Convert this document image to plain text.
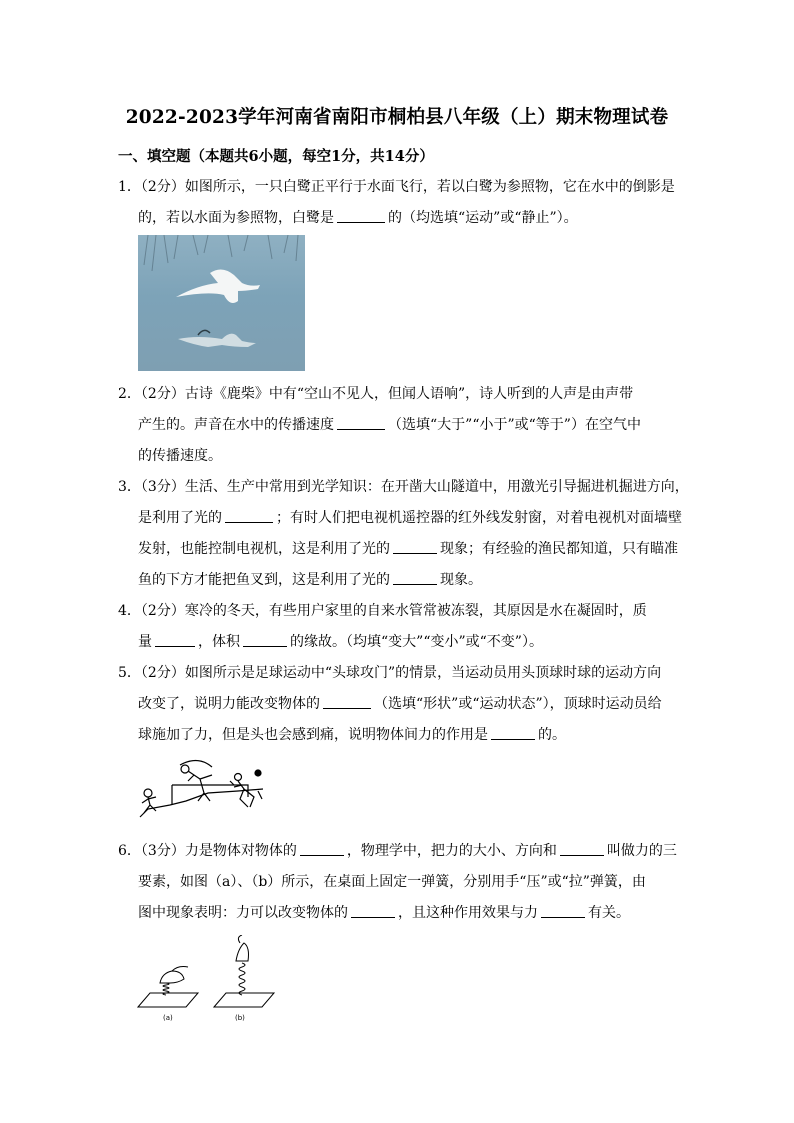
2022-2023学年河南省南阳市桐柏县八年级（上）期末物理试卷
一、填空题（本题共6小题，每空1分，共14分）
1．（2分）如图所示，一只白鹭正平行于水面飞行，若以白鹭为参照物，它在水中的倒影是
的，若以水面为参照物，白鹭是	的（均选填“运动”或“静止”）。
2．（2分）古诗《鹿柴》中有“空山不见人，但闻人语响”，诗人听到的人声是由声带
产生的。声音在水中的传播速度	（选填“大于”“小于”或“等于”）在空气中
的传播速度。
3．（3分）生活、生产中常用到光学知识：在开凿大山隧道中，用激光引导掘进机掘进方向，
是利用了光的	；有时人们把电视机遥控器的红外线发射窗，对着电视机对面墙壁
发射，也能控制电视机，这是利用了光的	现象；有经验的渔民都知道，只有瞄准
鱼的下方才能把鱼叉到，这是利用了光的	现象。
4．（2分）寒冷的冬天，有些用户家里的自来水管常被冻裂，其原因是水在凝固时，质
量	，体积	的缘故。（均填“变大”“变小”或“不变”）。
5．（2分）如图所示是足球运动中“头球攻门”的情景，当运动员用头顶球时球的运动方向
改变了，说明力能改变物体的	（选填“形状”或“运动状态”），顶球时运动员给
球施加了力，但是头也会感到痛，说明物体间力的作用是	的。
6．（3分）力是物体对物体的	，物理学中，把力的大小、方向和	叫做力的三
要素，如图（a）、（b）所示，在桌面上固定一弹簧，分别用手“压”或“拉”弹簧，由
图中现象表明：力可以改变物体的	，且这种作用效果与力	有关。
(a)	(b)
